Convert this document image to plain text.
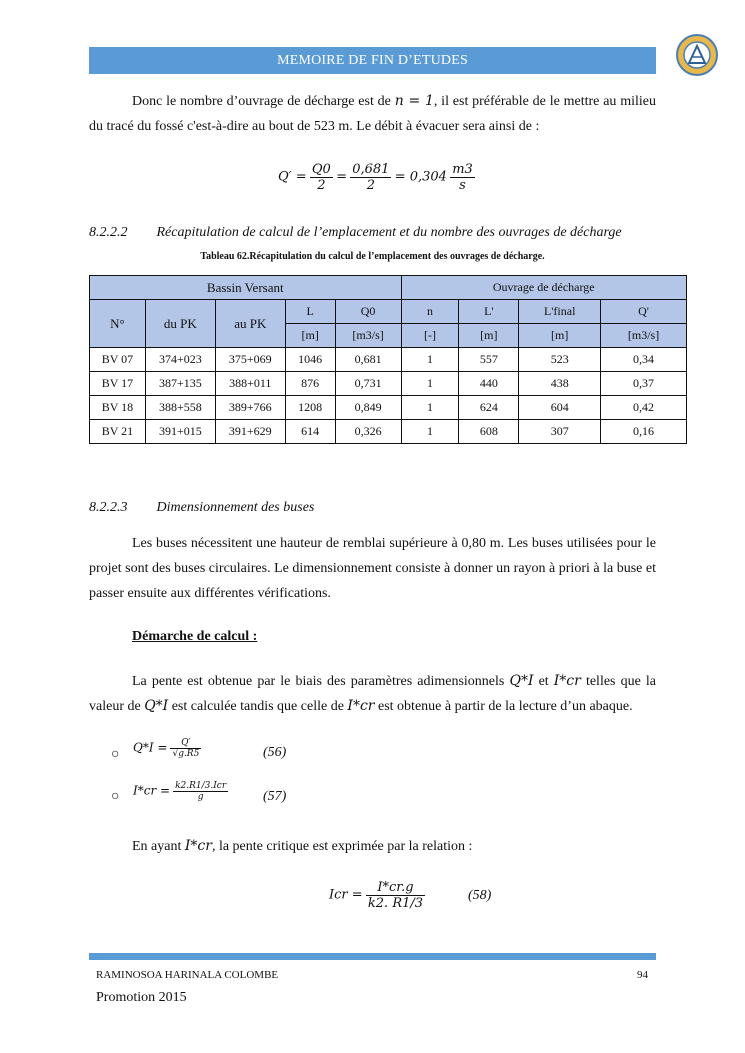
MEMOIRE DE FIN D’ETUDES
Donc le nombre d’ouvrage de décharge est de n = 1, il est préférable de le mettre au milieu du tracé du fossé c'est-à-dire au bout de 523 m. Le débit à évacuer sera ainsi de :
$Q' = \frac{Q0}{2} = \frac{0,681}{2} = 0,304 \frac{m3}{s}$
8.2.2.2 Récapitulation de calcul de l’emplacement et du nombre des ouvrages de décharge
Tableau 62.Récapitulation du calcul de l’emplacement des ouvrages de décharge.
Bassin Versant					Ouvrage de décharge			
N°	du PK	au PK	L	Q0	n	L'	L'final	Q'
			[m]	[m3/s]	[-]	[m]	[m]	[m3/s]
BV 07	374+023	375+069	1046	0,681	1	557	523	0,34
BV 17	387+135	388+011	876	0,731	1	440	438	0,37
BV 18	388+558	389+766	1208	0,849	1	624	604	0,42
BV 21	391+015	391+629	614	0,326	1	608	307	0,16
8.2.2.3 Dimensionnement des buses
Les buses nécessitent une hauteur de remblai supérieure à 0,80 m. Les buses utilisées pour le projet sont des buses circulaires. Le dimensionnement consiste à donner un rayon à priori à la buse et passer ensuite aux différentes vérifications.
Démarche de calcul :
La pente est obtenue par le biais des paramètres adimensionnels Q*I et I*cr telles que la valeur de Q*I est calculée tandis que celle de I*cr est obtenue à partir de la lecture d’un abaque.
○ $Q*I = \frac{Q'}{√g.R5}$	(56)
○ $I*cr = \frac{\text{k2.R1/3.Icr}}{g} (57)$
En ayant I*cr, la pente critique est exprimée par la relation :
Icr = $\frac{I*cr.g}{k2. R1/3}$	(58)
RAMINOSOA HARINALA COLOMBE	94
Promotion 2015
